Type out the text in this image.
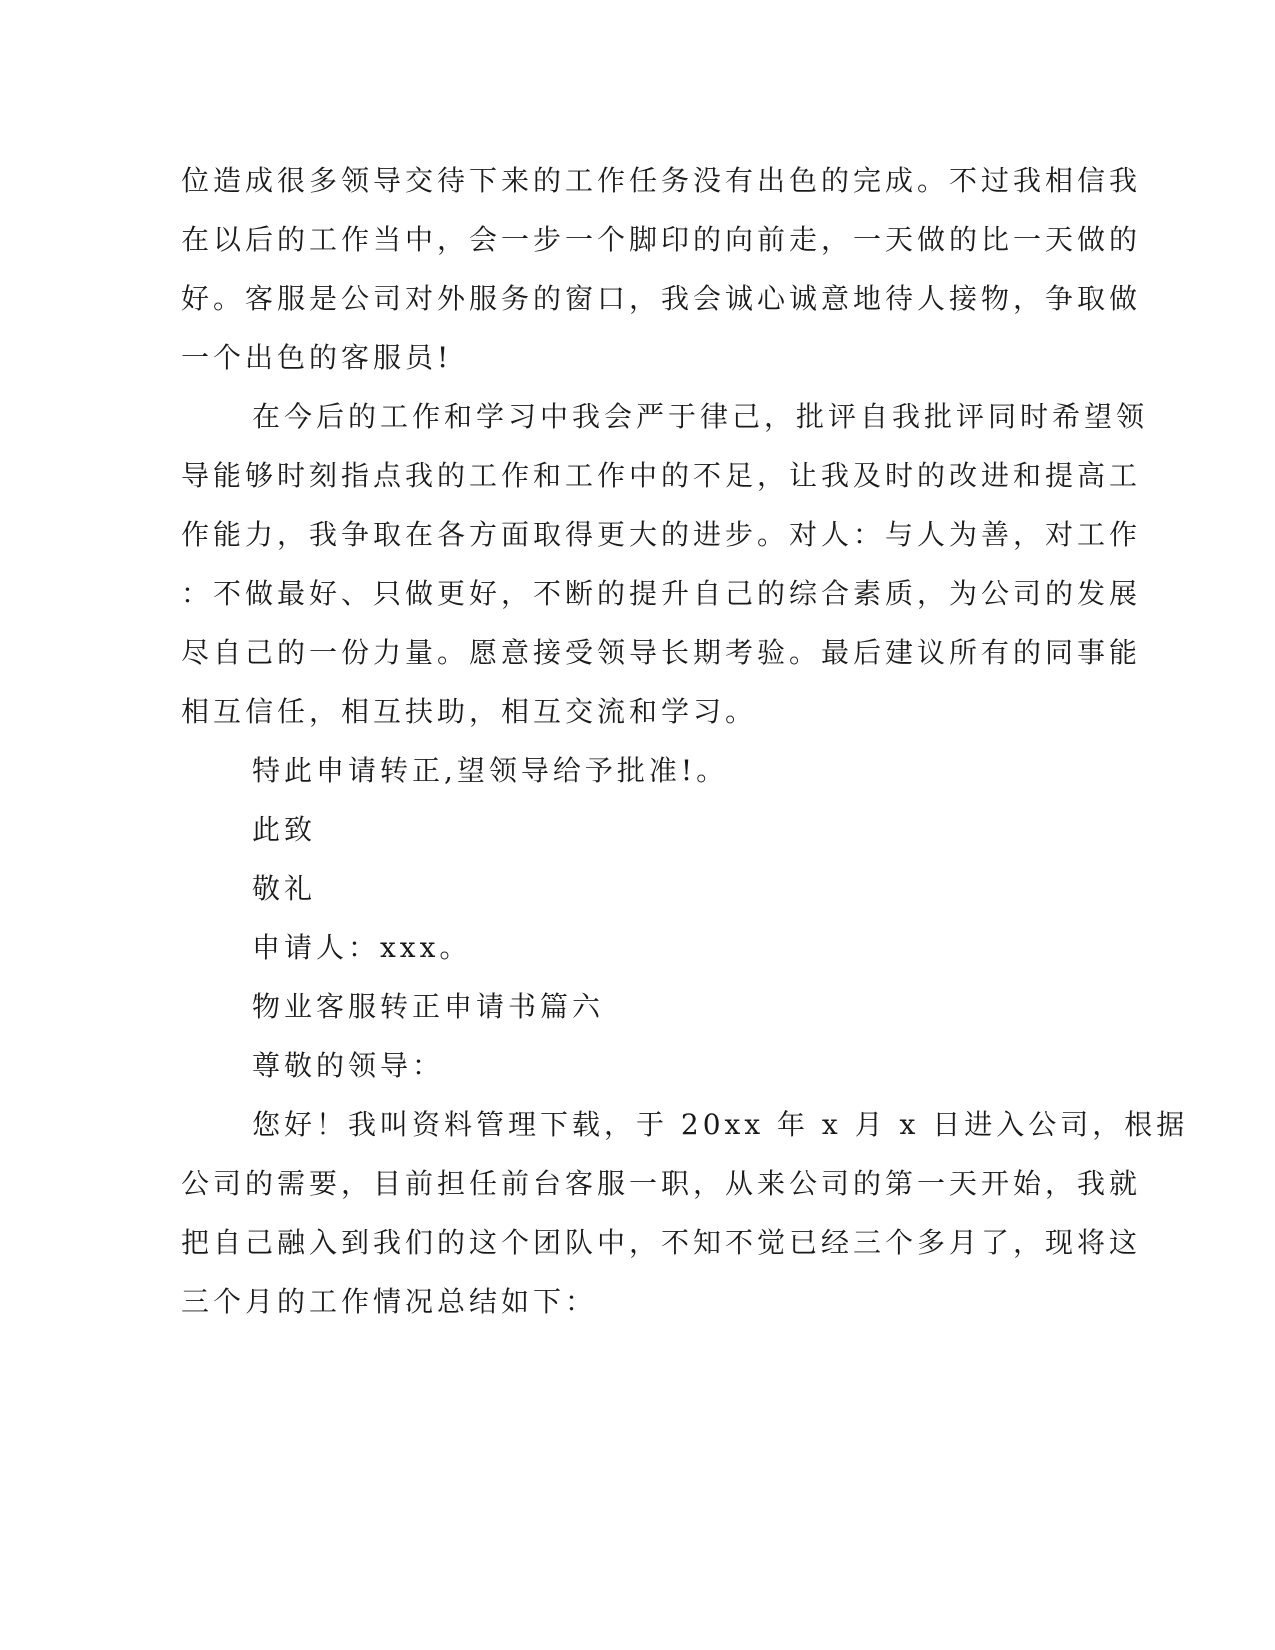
位造成很多领导交待下来的工作任务没有出色的完成。不过我相信我

在以后的工作当中，会一步一个脚印的向前走，一天做的比一天做的

好。客服是公司对外服务的窗口，我会诚心诚意地待人接物，争取做

一个出色的客服员!

在今后的工作和学习中我会严于律己，批评自我批评同时希望领

导能够时刻指点我的工作和工作中的不足，让我及时的改进和提高工

作能力，我争取在各方面取得更大的进步。对人：与人为善，对工作

：不做最好、只做更好，不断的提升自己的综合素质，为公司的发展

尽自己的一份力量。愿意接受领导长期考验。最后建议所有的同事能

相互信任，相互扶助，相互交流和学习。

特此申请转正,望领导给予批准!。

此致

敬礼

申请人：xxx。

物业客服转正申请书篇六

尊敬的领导：

您好！我叫资料管理下载，于 20xx 年 x 月 x 日进入公司，根据

公司的需要，目前担任前台客服一职，从来公司的第一天开始，我就

把自己融入到我们的这个团队中，不知不觉已经三个多月了，现将这

三个月的工作情况总结如下：
